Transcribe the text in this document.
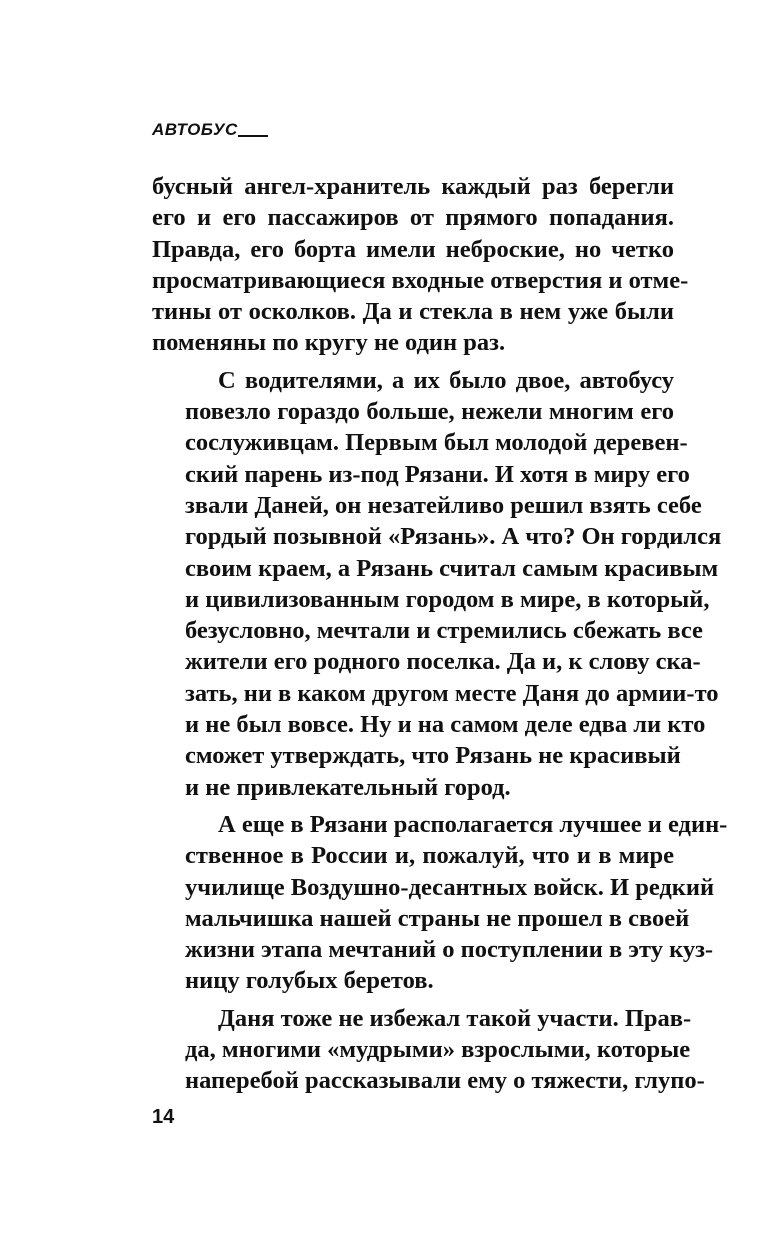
АВТОБУС

бусный ангел-хранитель каждый раз берегли
его и его пассажиров от прямого попадания.
Правда, его борта имели неброские, но четко
просматривающиеся входные отверстия и отме-
тины от осколков. Да и стекла в нем уже были
поменяны по кругу не один раз.

С водителями, а их было двое, автобусу
повезло гораздо больше, нежели многим его
сослуживцам. Первым был молодой деревен-
ский парень из-под Рязани. И хотя в миру его
звали Даней, он незатейливо решил взять себе
гордый позывной «Рязань». А что? Он гордился
своим краем, а Рязань считал самым красивым
и цивилизованным городом в мире, в который,
безусловно, мечтали и стремились сбежать все
жители его родного поселка. Да и, к слову ска-
зать, ни в каком другом месте Даня до армии-то
и не был вовсе. Ну и на самом деле едва ли кто
сможет утверждать, что Рязань не красивый
и не привлекательный город.

А еще в Рязани располагается лучшее и един-
ственное в России и, пожалуй, что и в мире
училище Воздушно-десантных войск. И редкий
мальчишка нашей страны не прошел в своей
жизни этапа мечтаний о поступлении в эту куз-
ницу голубых беретов.

Даня тоже не избежал такой участи. Прав-
да, многими «мудрыми» взрослыми, которые
наперебой рассказывали ему о тяжести, глупо-

14
